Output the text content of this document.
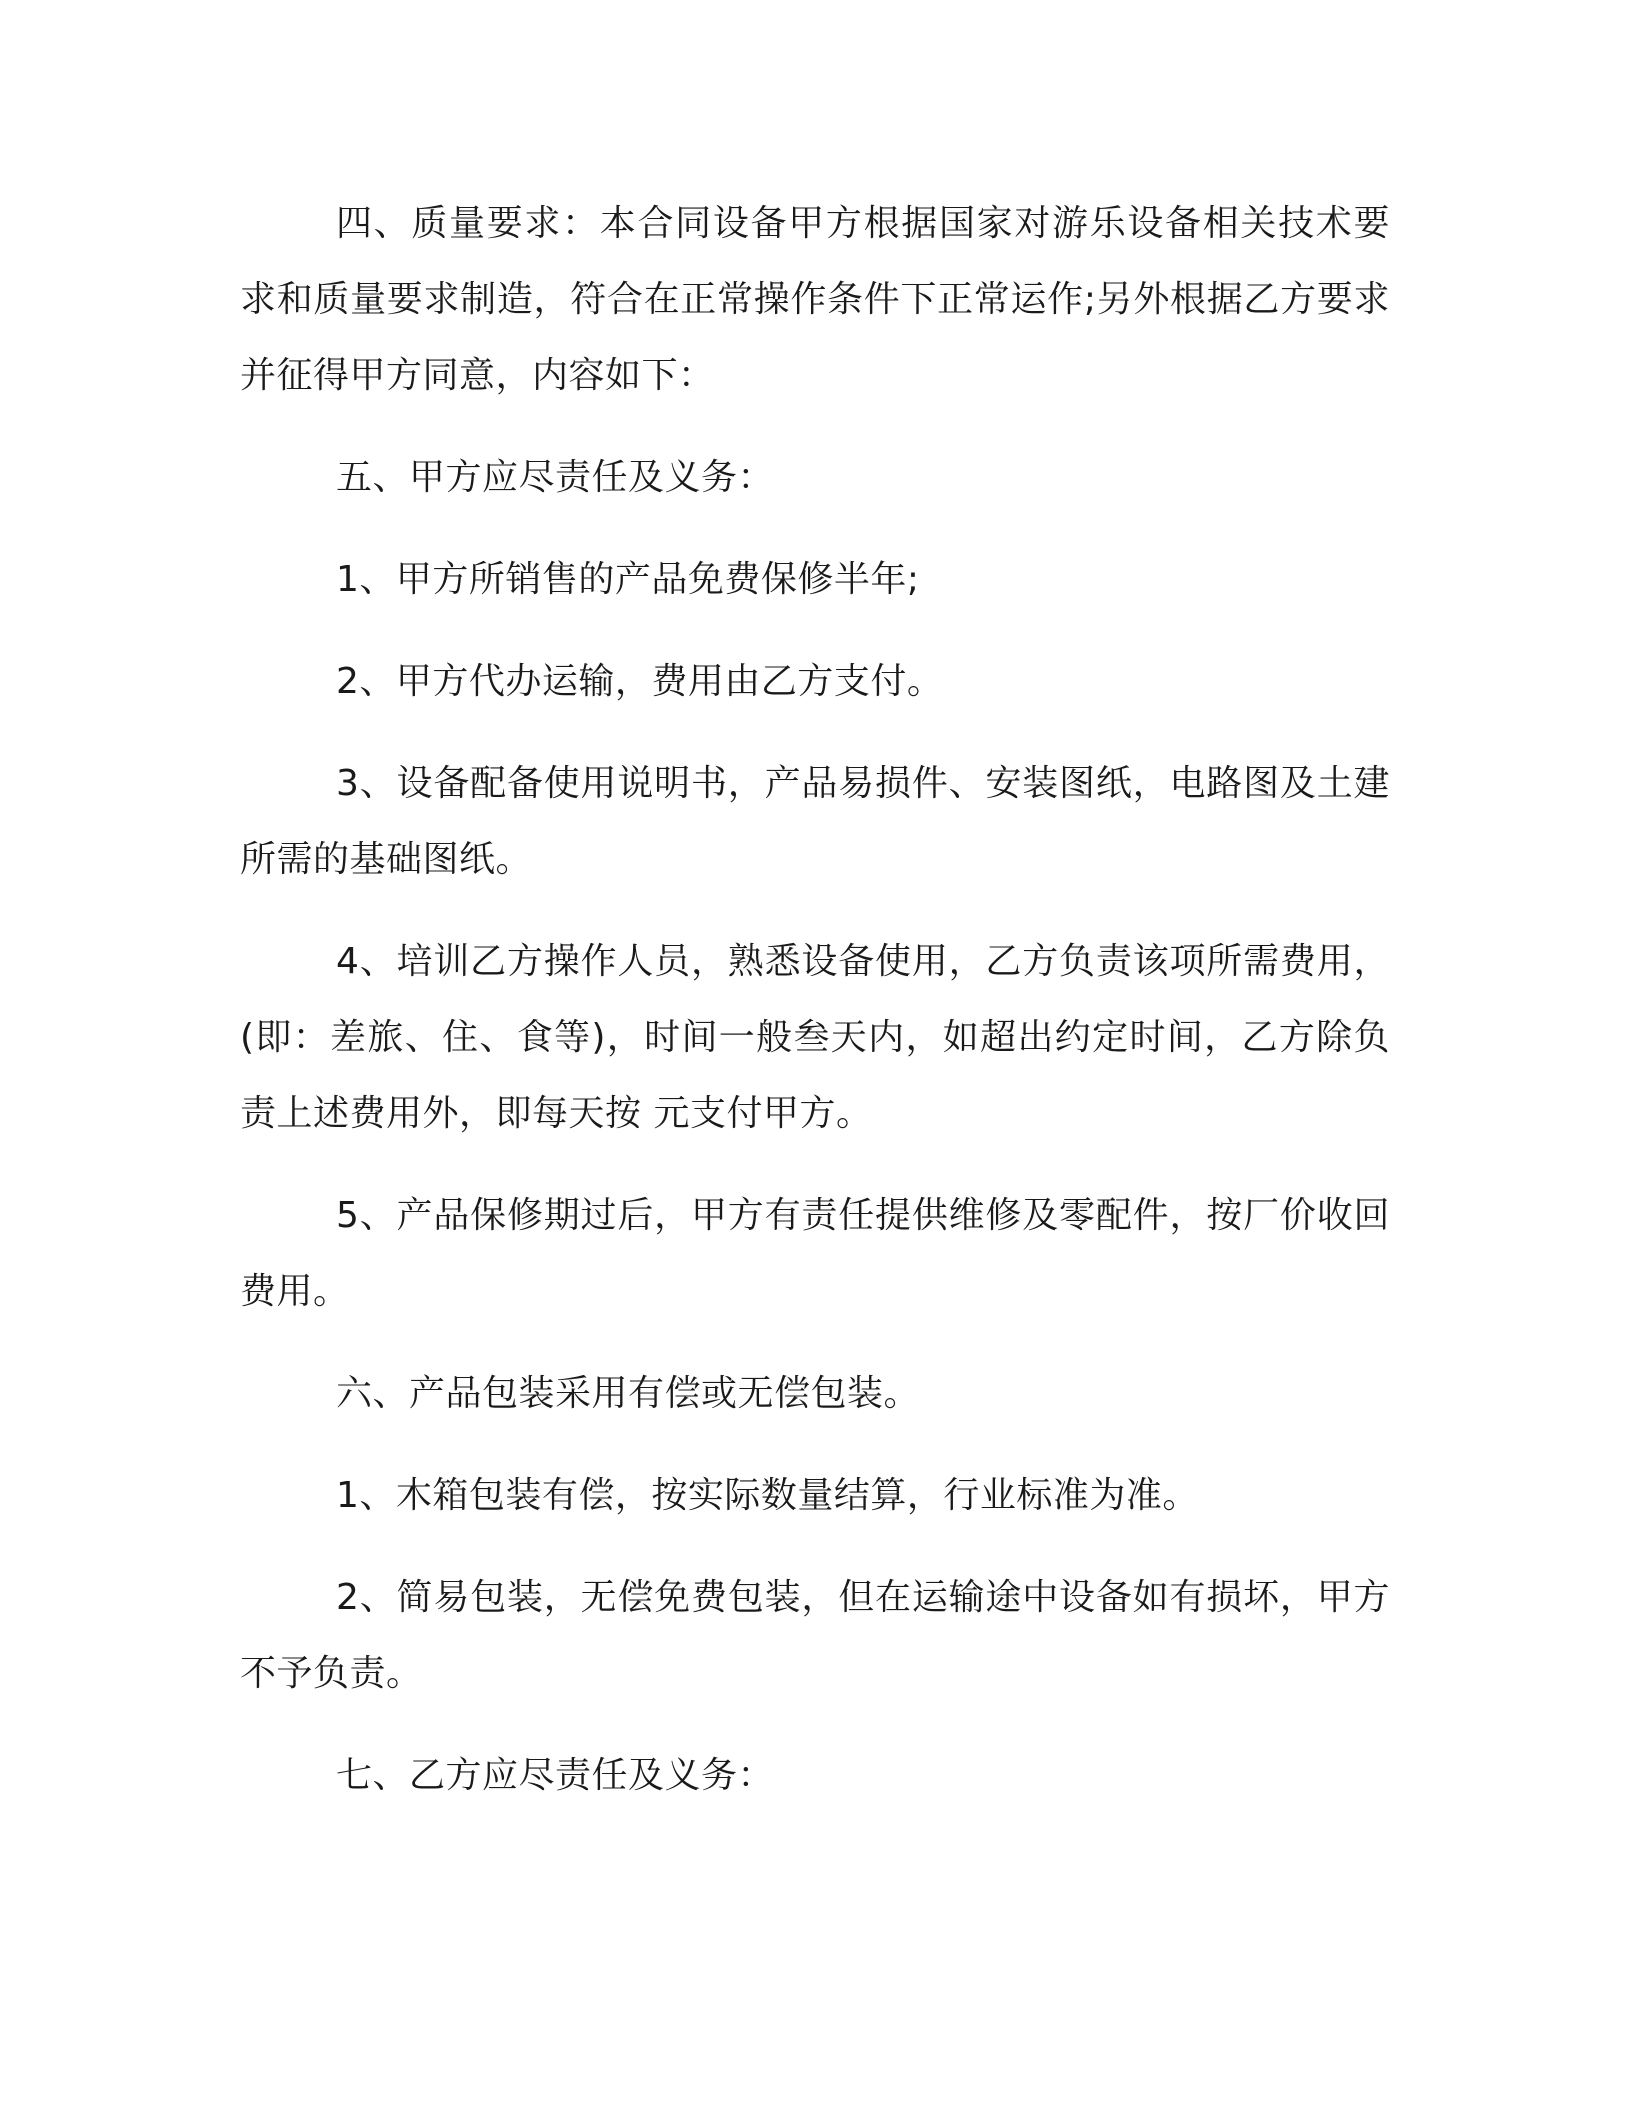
四、质量要求：本合同设备甲方根据国家对游乐设备相关技术要求和质量要求制造，符合在正常操作条件下正常运作;另外根据乙方要求并征得甲方同意，内容如下：

五、甲方应尽责任及义务：

1、甲方所销售的产品免费保修半年;

2、甲方代办运输，费用由乙方支付。

3、设备配备使用说明书，产品易损件、安装图纸，电路图及土建所需的基础图纸。

4、培训乙方操作人员，熟悉设备使用，乙方负责该项所需费用，(即：差旅、住、食等)，时间一般叁天内，如超出约定时间，乙方除负责上述费用外，即每天按 元支付甲方。

5、产品保修期过后，甲方有责任提供维修及零配件，按厂价收回费用。

六、产品包装采用有偿或无偿包装。

1、木箱包装有偿，按实际数量结算，行业标准为准。

2、简易包装，无偿免费包装，但在运输途中设备如有损坏，甲方不予负责。

七、乙方应尽责任及义务：
